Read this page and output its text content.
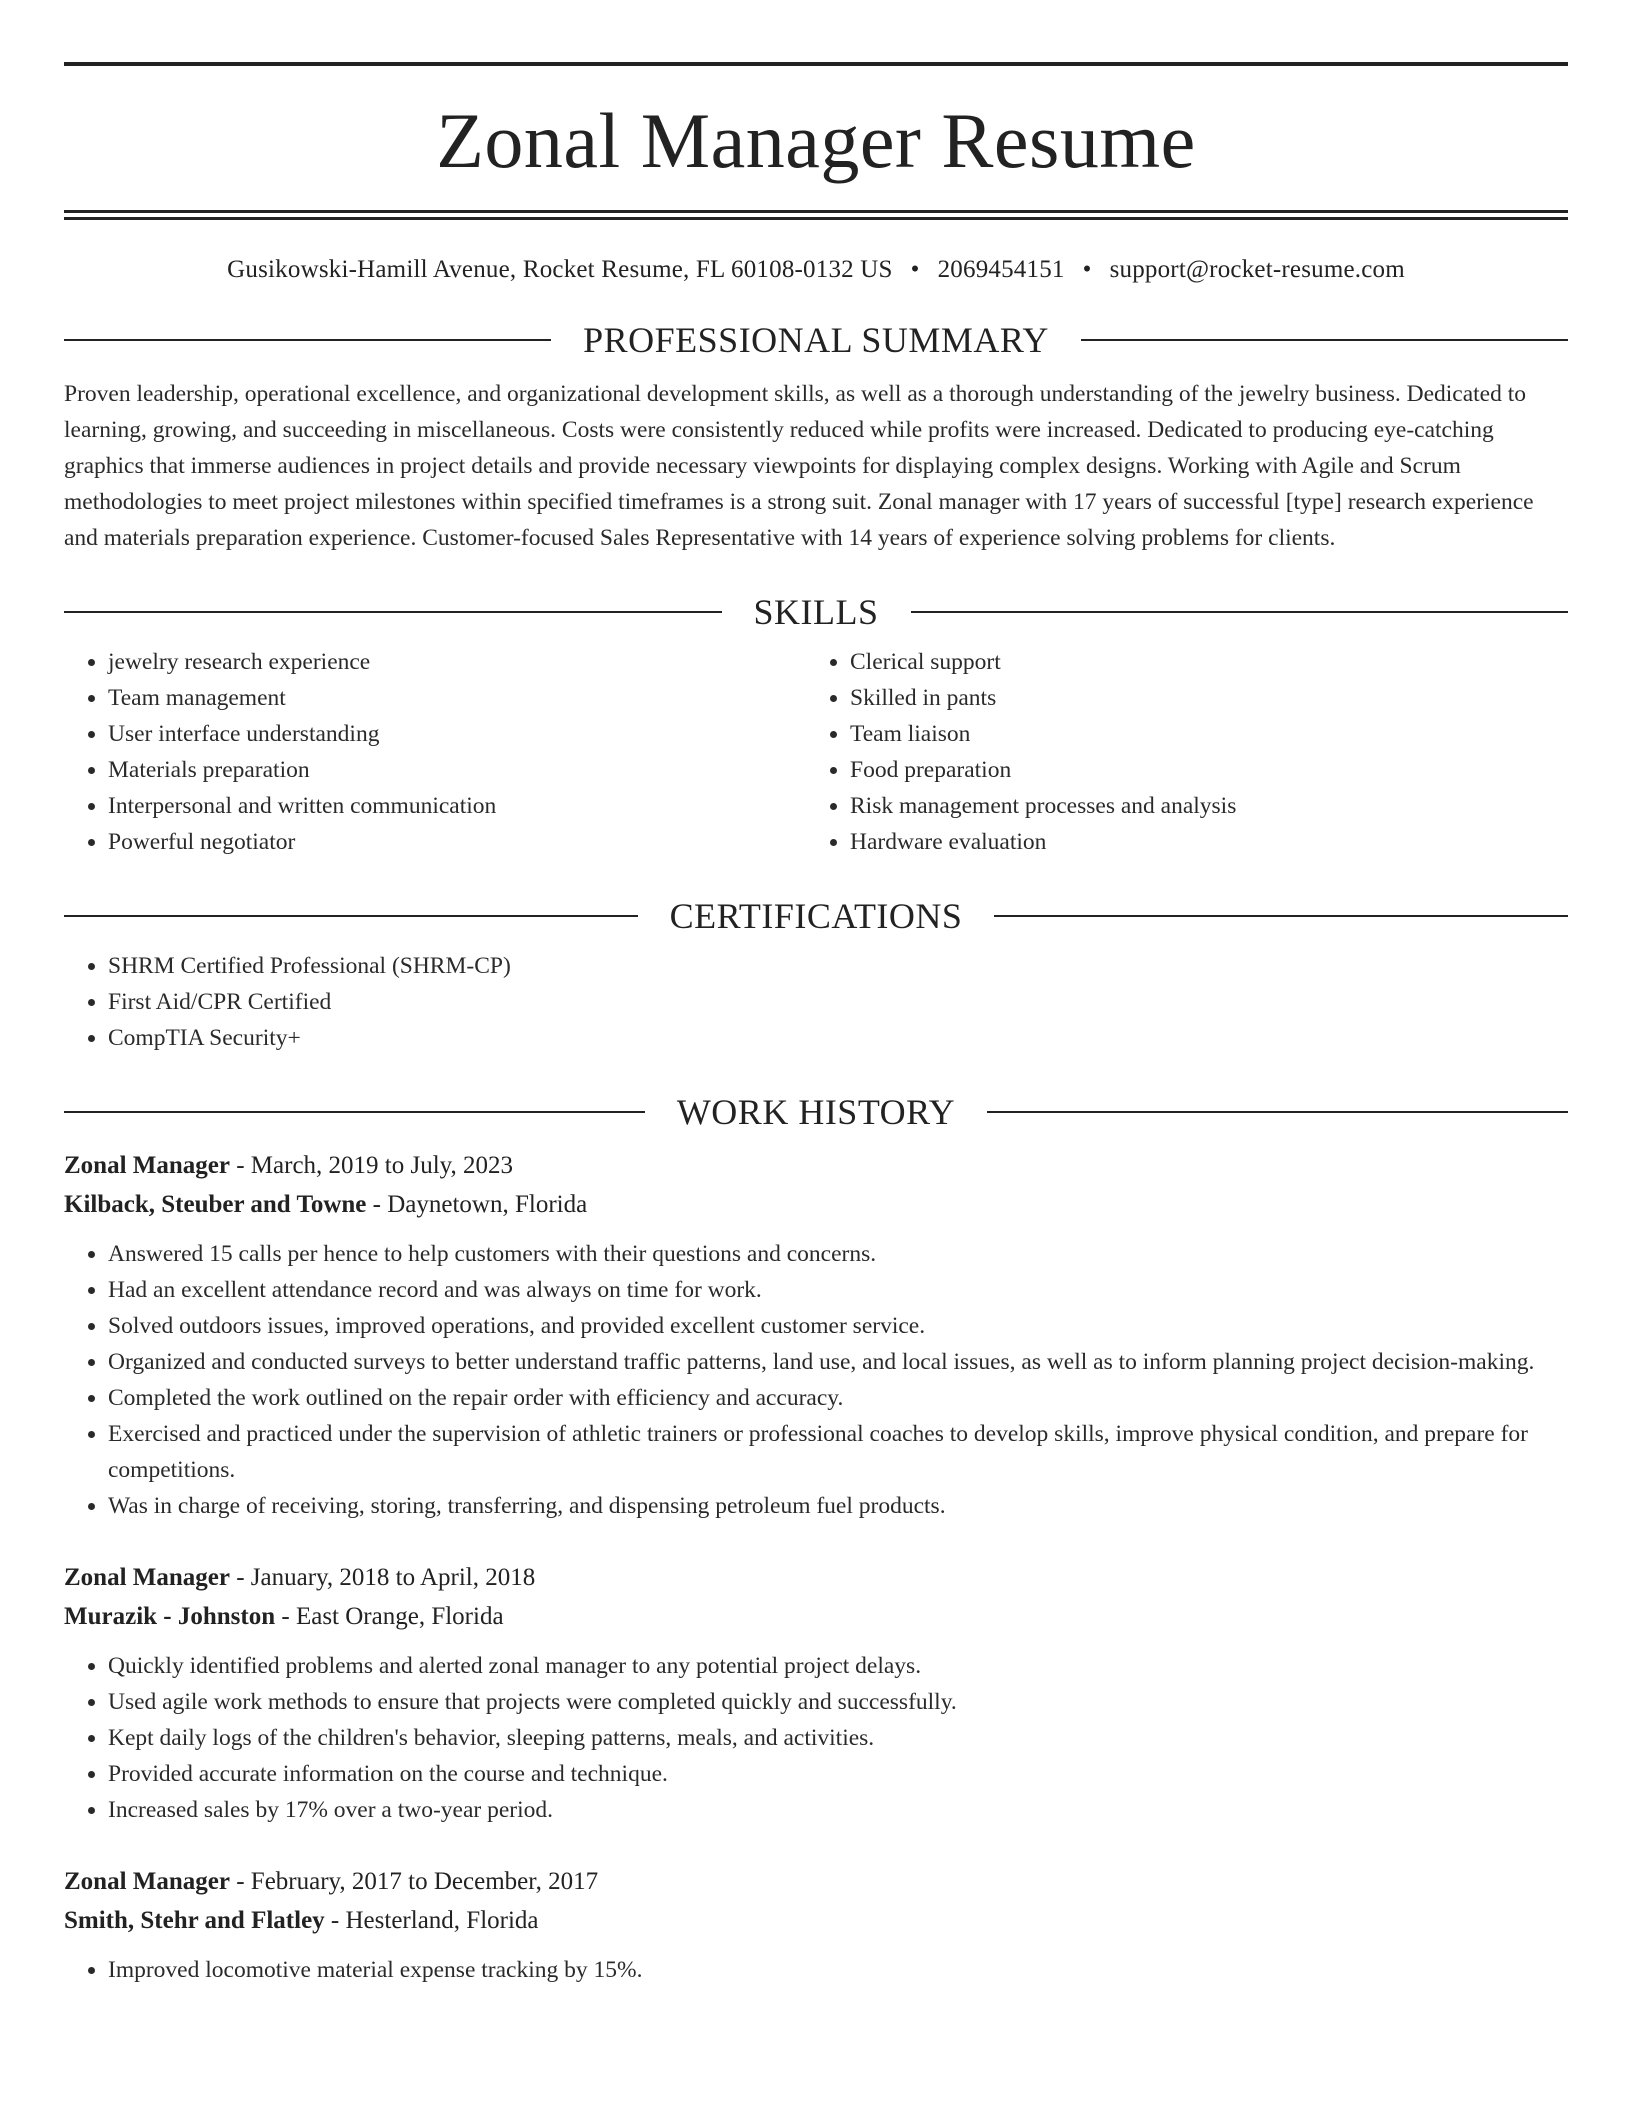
Zonal Manager Resume
Gusikowski-Hamill Avenue, Rocket Resume, FL 60108-0132 US • 2069454151 • support@rocket-resume.com
PROFESSIONAL SUMMARY
Proven leadership, operational excellence, and organizational development skills, as well as a thorough understanding of the jewelry business. Dedicated to learning, growing, and succeeding in miscellaneous. Costs were consistently reduced while profits were increased. Dedicated to producing eye-catching graphics that immerse audiences in project details and provide necessary viewpoints for displaying complex designs. Working with Agile and Scrum methodologies to meet project milestones within specified timeframes is a strong suit. Zonal manager with 17 years of successful [type] research experience and materials preparation experience. Customer-focused Sales Representative with 14 years of experience solving problems for clients.
SKILLS
• jewelry research experience
• Team management
• User interface understanding
• Materials preparation
• Interpersonal and written communication
• Powerful negotiator
• Clerical support
• Skilled in pants
• Team liaison
• Food preparation
• Risk management processes and analysis
• Hardware evaluation
CERTIFICATIONS
• SHRM Certified Professional (SHRM-CP)
• First Aid/CPR Certified
• CompTIA Security+
WORK HISTORY
Zonal Manager - March, 2019 to July, 2023
Kilback, Steuber and Towne - Daynetown, Florida
• Answered 15 calls per hence to help customers with their questions and concerns.
• Had an excellent attendance record and was always on time for work.
• Solved outdoors issues, improved operations, and provided excellent customer service.
• Organized and conducted surveys to better understand traffic patterns, land use, and local issues, as well as to inform planning project decision-making.
• Completed the work outlined on the repair order with efficiency and accuracy.
• Exercised and practiced under the supervision of athletic trainers or professional coaches to develop skills, improve physical condition, and prepare for competitions.
• Was in charge of receiving, storing, transferring, and dispensing petroleum fuel products.
Zonal Manager - January, 2018 to April, 2018
Murazik - Johnston - East Orange, Florida
• Quickly identified problems and alerted zonal manager to any potential project delays.
• Used agile work methods to ensure that projects were completed quickly and successfully.
• Kept daily logs of the children's behavior, sleeping patterns, meals, and activities.
• Provided accurate information on the course and technique.
• Increased sales by 17% over a two-year period.
Zonal Manager - February, 2017 to December, 2017
Smith, Stehr and Flatley - Hesterland, Florida
• Improved locomotive material expense tracking by 15%.
